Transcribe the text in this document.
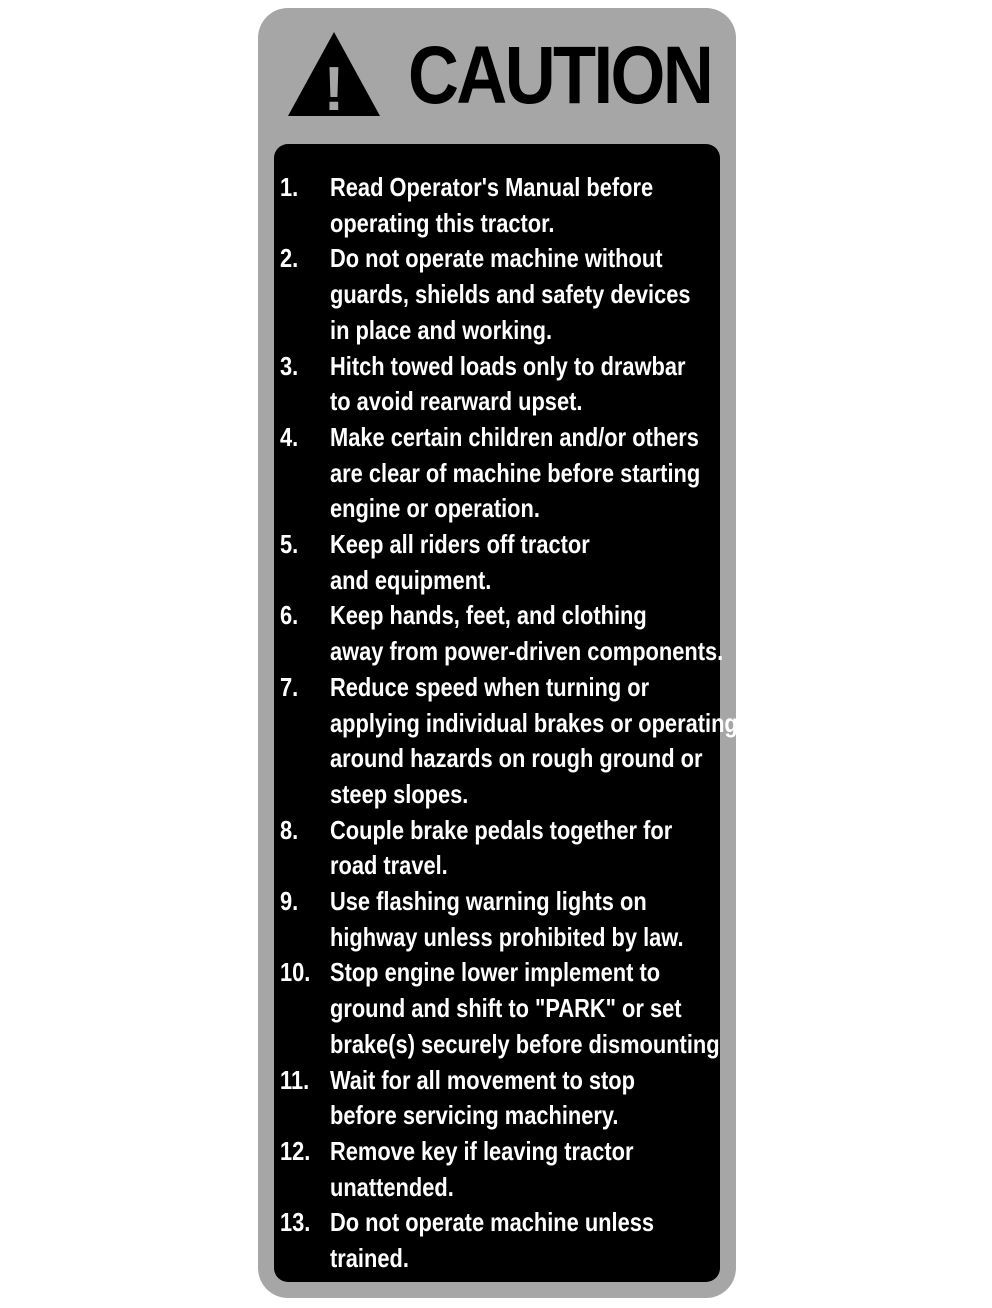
! CAUTION
1.	Read Operator's Manual before
operating this tractor.
2.	Do not operate machine without
guards, shields and safety devices
in place and working.
3.	Hitch towed loads only to drawbar
to avoid rearward upset.
4.	Make certain children and/or others
are clear of machine before starting
engine or operation.
5.	Keep all riders off tractor
and equipment.
6.	Keep hands, feet, and clothing
away from power-driven components.
7.	Reduce speed when turning or
applying individual brakes or operating
around hazards on rough ground or
steep slopes.
8.	Couple brake pedals together for
road travel.
9.	Use flashing warning lights on
highway unless prohibited by law.
10. Stop engine lower implement to
ground and shift to "PARK" or set
brake(s) securely before dismounting
11. Wait for all movement to stop
before servicing machinery.
12. Remove key if leaving tractor
unattended.
13. Do not operate machine unless
trained.
